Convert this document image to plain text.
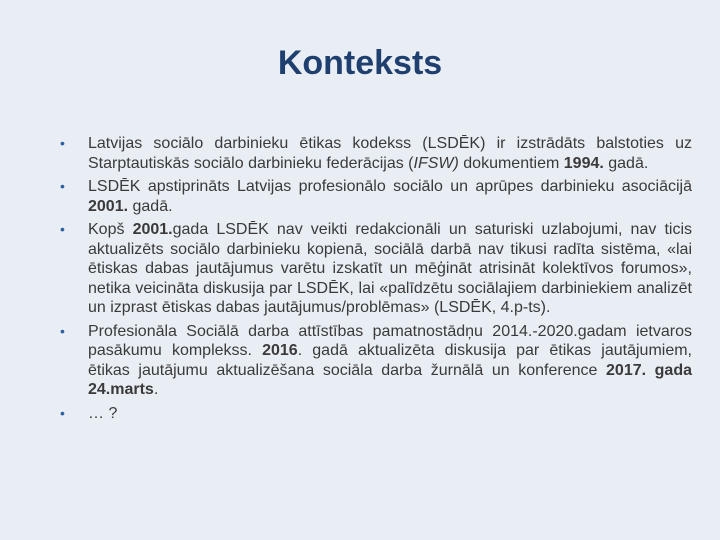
Konteksts
• Latvijas sociālo darbinieku ētikas kodekss (LSDĒK) ir izstrādāts balstoties uz Starptautiskās sociālo darbinieku federācijas (IFSW) dokumentiem 1994. gadā.
• LSDĒK apstiprināts Latvijas profesionālo sociālo un aprūpes darbinieku asociācijā 2001. gadā.
• Kopš 2001.gada LSDĒK nav veikti redakcionāli un saturiski uzlabojumi, nav ticis aktualizēts sociālo darbinieku kopienā, sociālā darbā nav tikusi radīta sistēma, «lai ētiskas dabas jautājumus varētu izskatīt un mēģināt atrisināt kolektīvos forumos», netika veicināta diskusija par LSDĒK, lai «palīdzētu sociālajiem darbiniekiem analizēt un izprast ētiskas dabas jautājumus/problēmas» (LSDĒK, 4.p-ts).
• Profesionāla Sociālā darba attīstības pamatnostādņu 2014.-2020.gadam ietvaros pasākumu komplekss. 2016. gadā aktualizēta diskusija par ētikas jautājumiem, ētikas jautājumu aktualizēšana sociāla darba žurnālā un konference 2017. gada 24.marts.
• … ?
